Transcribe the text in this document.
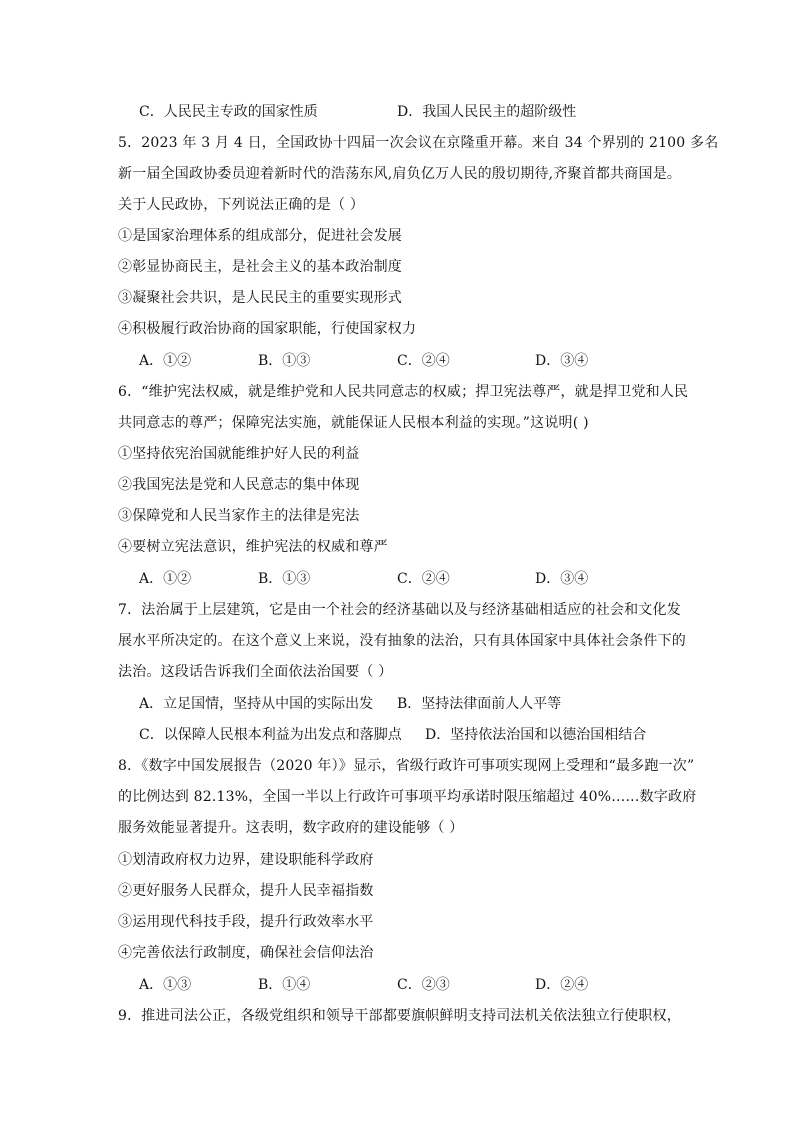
C．人民民主专政的国家性质	D．我国人民民主的超阶级性
5．2023 年 3 月 4 日，全国政协十四届一次会议在京隆重开幕。来自 34 个界别的 2100 多名
新一届全国政协委员迎着新时代的浩荡东风,肩负亿万人民的殷切期待,齐聚首都共商国是。
关于人民政协，下列说法正确的是（ ）
①是国家治理体系的组成部分，促进社会发展
②彰显协商民主，是社会主义的基本政治制度
③凝聚社会共识，是人民民主的重要实现形式
④积极履行政治协商的国家职能，行使国家权力
A．①②	B．①③	C．②④	D．③④
6．“维护宪法权威，就是维护党和人民共同意志的权威；捍卫宪法尊严，就是捍卫党和人民
共同意志的尊严；保障宪法实施，就能保证人民根本利益的实现。”这说明( )
①坚持依宪治国就能维护好人民的利益
②我国宪法是党和人民意志的集中体现
③保障党和人民当家作主的法律是宪法
④要树立宪法意识，维护宪法的权威和尊严
A．①②	B．①③	C．②④	D．③④
7．法治属于上层建筑，它是由一个社会的经济基础以及与经济基础相适应的社会和文化发
展水平所决定的。在这个意义上来说，没有抽象的法治，只有具体国家中具体社会条件下的
法治。这段话告诉我们全面依法治国要（ ）
A．立足国情，坚持从中国的实际出发 B．坚持法律面前人人平等
C．以保障人民根本利益为出发点和落脚点 D．坚持依法治国和以德治国相结合
8．《数字中国发展报告（2020 年）》显示，省级行政许可事项实现网上受理和“最多跑一次”
的比例达到 82.13%，全国一半以上行政许可事项平均承诺时限压缩超过 40%……数字政府
服务效能显著提升。这表明，数字政府的建设能够（ ）
①划清政府权力边界，建设职能科学政府
②更好服务人民群众，提升人民幸福指数
③运用现代科技手段，提升行政效率水平
④完善依法行政制度，确保社会信仰法治
A．①③	B．①④	C．②③	D．②④
9．推进司法公正，各级党组织和领导干部都要旗帜鲜明支持司法机关依法独立行使职权，
